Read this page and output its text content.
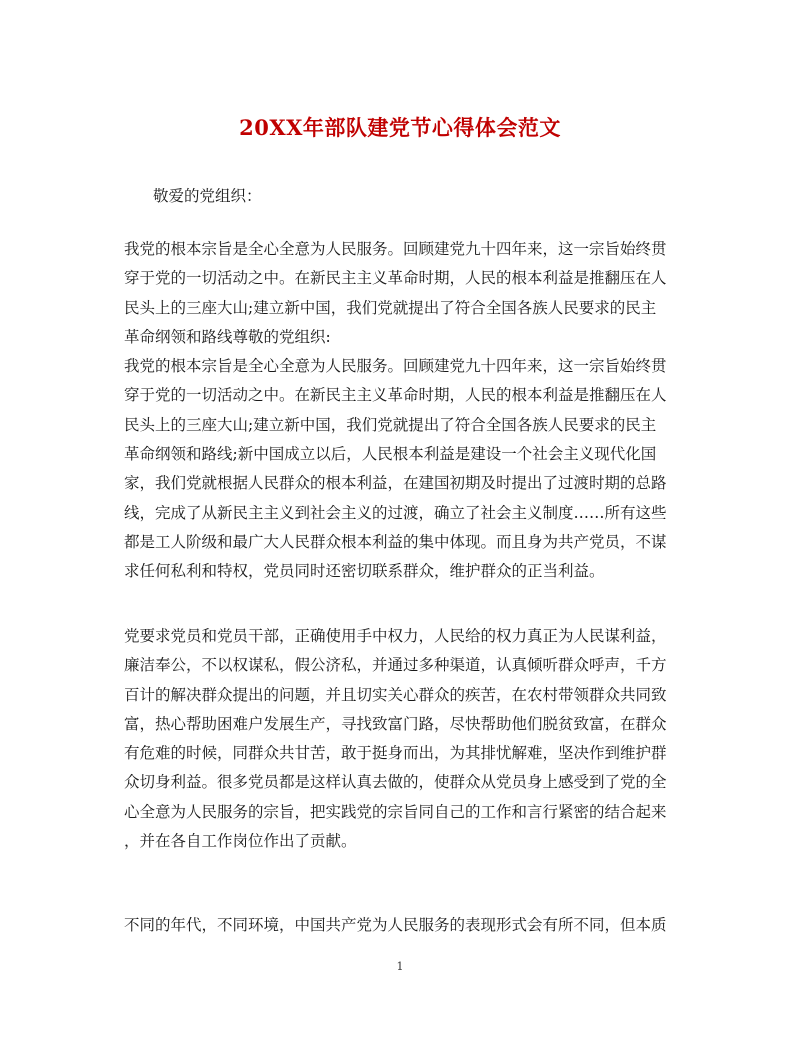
20XX年部队建党节心得体会范文
敬爱的党组织：
我党的根本宗旨是全心全意为人民服务。回顾建党九十四年来，这一宗旨始终贯
穿于党的一切活动之中。在新民主主义革命时期，人民的根本利益是推翻压在人
民头上的三座大山;建立新中国，我们党就提出了符合全国各族人民要求的民主
革命纲领和路线尊敬的党组织:
我党的根本宗旨是全心全意为人民服务。回顾建党九十四年来，这一宗旨始终贯
穿于党的一切活动之中。在新民主主义革命时期，人民的根本利益是推翻压在人
民头上的三座大山;建立新中国，我们党就提出了符合全国各族人民要求的民主
革命纲领和路线;新中国成立以后，人民根本利益是建设一个社会主义现代化国
家，我们党就根据人民群众的根本利益，在建国初期及时提出了过渡时期的总路
线，完成了从新民主主义到社会主义的过渡，确立了社会主义制度……所有这些
都是工人阶级和最广大人民群众根本利益的集中体现。而且身为共产党员，不谋
求任何私利和特权，党员同时还密切联系群众，维护群众的正当利益。
党要求党员和党员干部，正确使用手中权力，人民给的权力真正为人民谋利益，
廉洁奉公，不以权谋私，假公济私，并通过多种渠道，认真倾听群众呼声，千方
百计的解决群众提出的问题，并且切实关心群众的疾苦，在农村带领群众共同致
富，热心帮助困难户发展生产，寻找致富门路，尽快帮助他们脱贫致富，在群众
有危难的时候，同群众共甘苦，敢于挺身而出，为其排忧解难，坚决作到维护群
众切身利益。很多党员都是这样认真去做的，使群众从党员身上感受到了党的全
心全意为人民服务的宗旨，把实践党的宗旨同自己的工作和言行紧密的结合起来
，并在各自工作岗位作出了贡献。
不同的年代，不同环境，中国共产党为人民服务的表现形式会有所不同，但本质
1
